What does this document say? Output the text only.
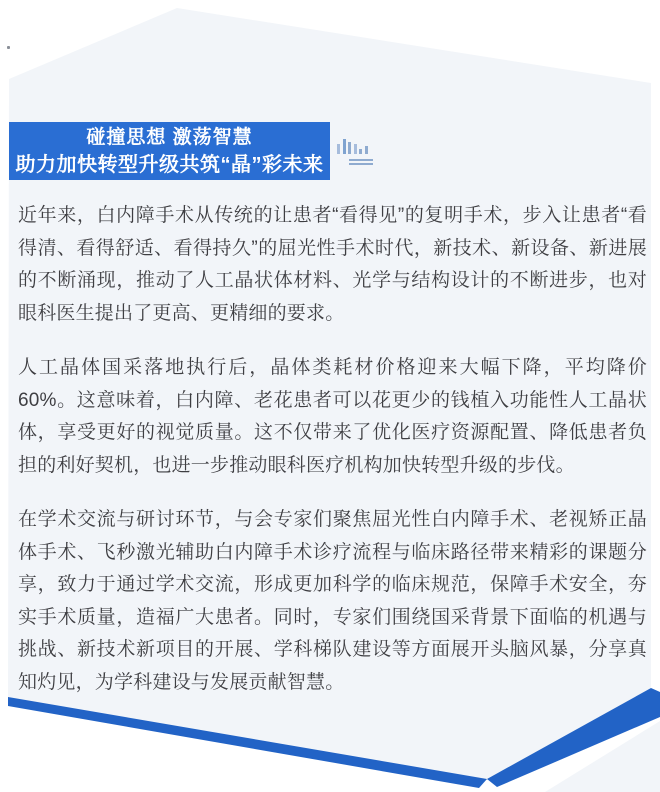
碰撞思想 激荡智慧
助力加快转型升级共筑“晶”彩未来

近年来，白内障手术从传统的让患者“看得见”的复明手术，步入让患者“看得清、看得舒适、看得持久”的屈光性手术时代，新技术、新设备、新进展的不断涌现，推动了人工晶状体材料、光学与结构设计的不断进步，也对眼科医生提出了更高、更精细的要求。

人工晶体国采落地执行后，晶体类耗材价格迎来大幅下降，平均降价60%。这意味着，白内障、老花患者可以花更少的钱植入功能性人工晶状体，享受更好的视觉质量。这不仅带来了优化医疗资源配置、降低患者负担的利好契机，也进一步推动眼科医疗机构加快转型升级的步伐。

在学术交流与研讨环节，与会专家们聚焦屈光性白内障手术、老视矫正晶体手术、飞秒激光辅助白内障手术诊疗流程与临床路径带来精彩的课题分享，致力于通过学术交流，形成更加科学的临床规范，保障手术安全，夯实手术质量，造福广大患者。同时，专家们围绕国采背景下面临的机遇与挑战、新技术新项目的开展、学科梯队建设等方面展开头脑风暴，分享真知灼见，为学科建设与发展贡献智慧。
